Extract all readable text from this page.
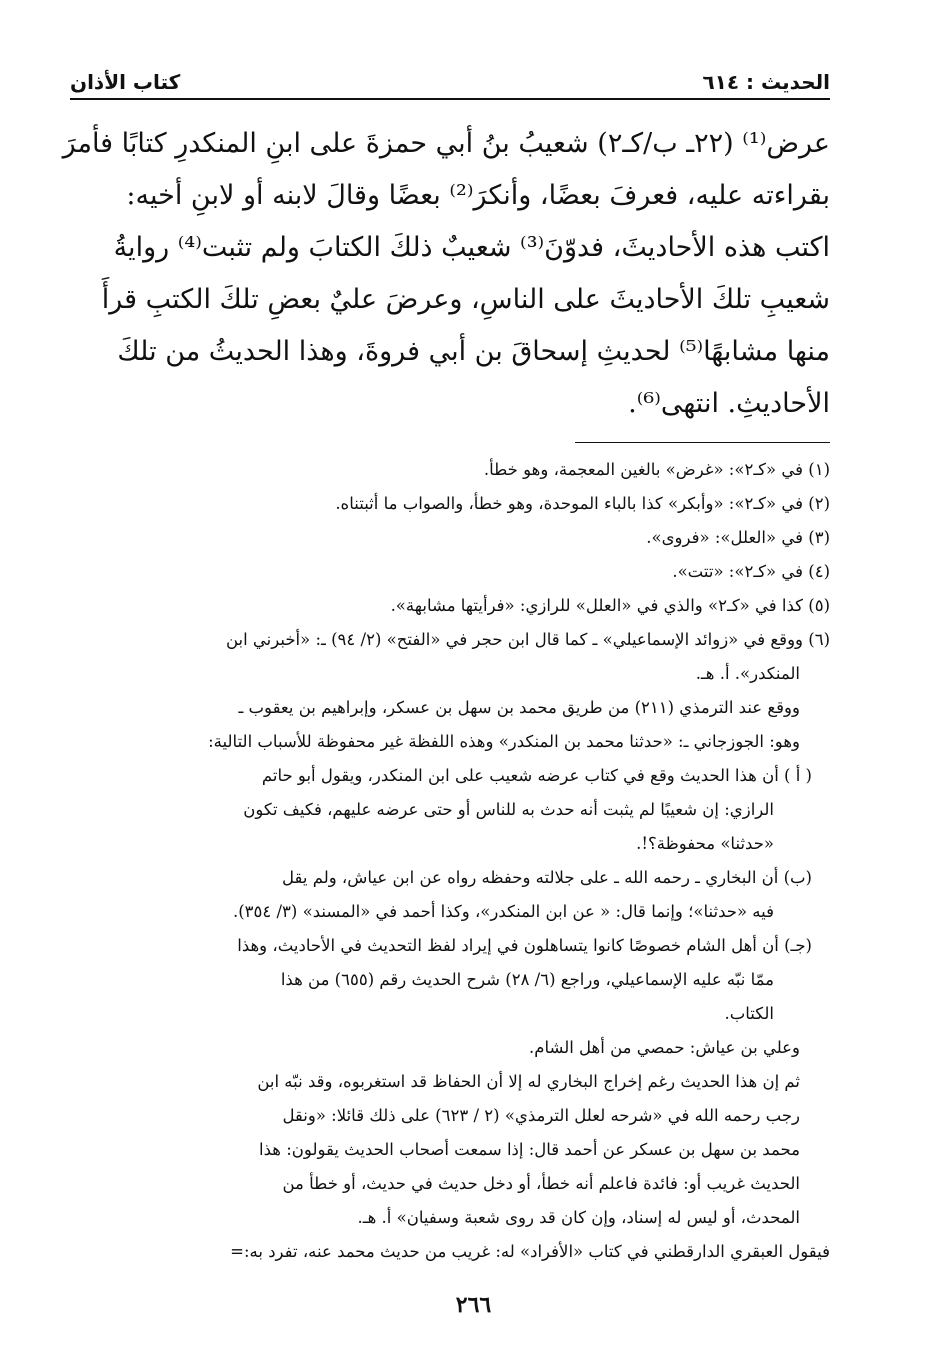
الحديث : ٦١٤
كتاب الأذان
عرض⁽¹⁾ (٢٢ـ ب/كـ٢) شعيبُ بنُ أبي حمزةَ على ابنِ المنكدرِ كتابًا فأمرَ
بقراءته عليه، فعرفَ بعضًا، وأنكرَ⁽²⁾ بعضًا وقالَ لابنه أو لابنِ أخيه:
اكتب هذه الأحاديثَ، فدوّنَ⁽³⁾ شعيبٌ ذلكَ الكتابَ ولم تثبت⁽⁴⁾ روايةُ
شعيبِ تلكَ الأحاديثَ على الناسِ، وعرضَ عليٌ بعضِ تلكَ الكتبِ قرأَ
منها مشابهًا⁽⁵⁾ لحديثِ إسحاقَ بن أبي فروةَ، وهذا الحديثُ من تلكَ
الأحاديثِ. انتهى⁽⁶⁾.
(١) في «كـ٢»: «غرض» بالغين المعجمة، وهو خطأ.
(٢) في «كـ٢»: «وأبكر» كذا بالباء الموحدة، وهو خطأ، والصواب ما أثبتناه.
(٣) في «العلل»: «فروى».
(٤) في «كـ٢»: «تتت».
(٥) كذا في «كـ٢» والذي في «العلل» للرازي: «فرأيتها مشابهة».
(٦) ووقع في «زوائد الإسماعيلي» ـ كما قال ابن حجر في «الفتح» (٢/ ٩٤) ـ: «أخبرني ابن
المنكدر». أ. هـ.
ووقع عند الترمذي (٢١١) من طريق محمد بن سهل بن عسكر، وإبراهيم بن يعقوب ـ
وهو: الجوزجاني ـ: «حدثنا محمد بن المنكدر» وهذه اللفظة غير محفوظة للأسباب التالية:
( أ ) أن هذا الحديث وقع في كتاب عرضه شعيب على ابن المنكدر، ويقول أبو حاتم
الرازي: إن شعيبًا لم يثبت أنه حدث به للناس أو حتى عرضه عليهم، فكيف تكون
«حدثنا» محفوظة؟!.
(ب) أن البخاري ـ رحمه الله ـ على جلالته وحفظه رواه عن ابن عياش، ولم يقل
فيه «حدثنا»؛ وإنما قال: « عن ابن المنكدر»، وكذا أحمد في «المسند» (٣/ ٣٥٤).
(جـ) أن أهل الشام خصوصًا كانوا يتساهلون في إيراد لفظ التحديث في الأحاديث، وهذا
ممّا نبّه عليه الإسماعيلي، وراجع (٦/ ٢٨) شرح الحديث رقم (٦٥٥) من هذا
الكتاب.
وعلي بن عياش: حمصي من أهل الشام.
ثم إن هذا الحديث رغم إخراج البخاري له إلا أن الحفاظ قد استغربوه، وقد نبّه ابن
رجب رحمه الله في «شرحه لعلل الترمذي» (٢ / ٦٢٣) على ذلك قائلا: «ونقل
محمد بن سهل بن عسكر عن أحمد قال: إذا سمعت أصحاب الحديث يقولون: هذا
الحديث غريب أو: فائدة فاعلم أنه خطأ، أو دخل حديث في حديث، أو خطأ من
المحدث، أو ليس له إسناد، وإن كان قد روى شعبة وسفيان» أ. هـ.
فيقول العبقري الدارقطني في كتاب «الأفراد» له: غريب من حديث محمد عنه، تفرد به:=
٢٦٦
